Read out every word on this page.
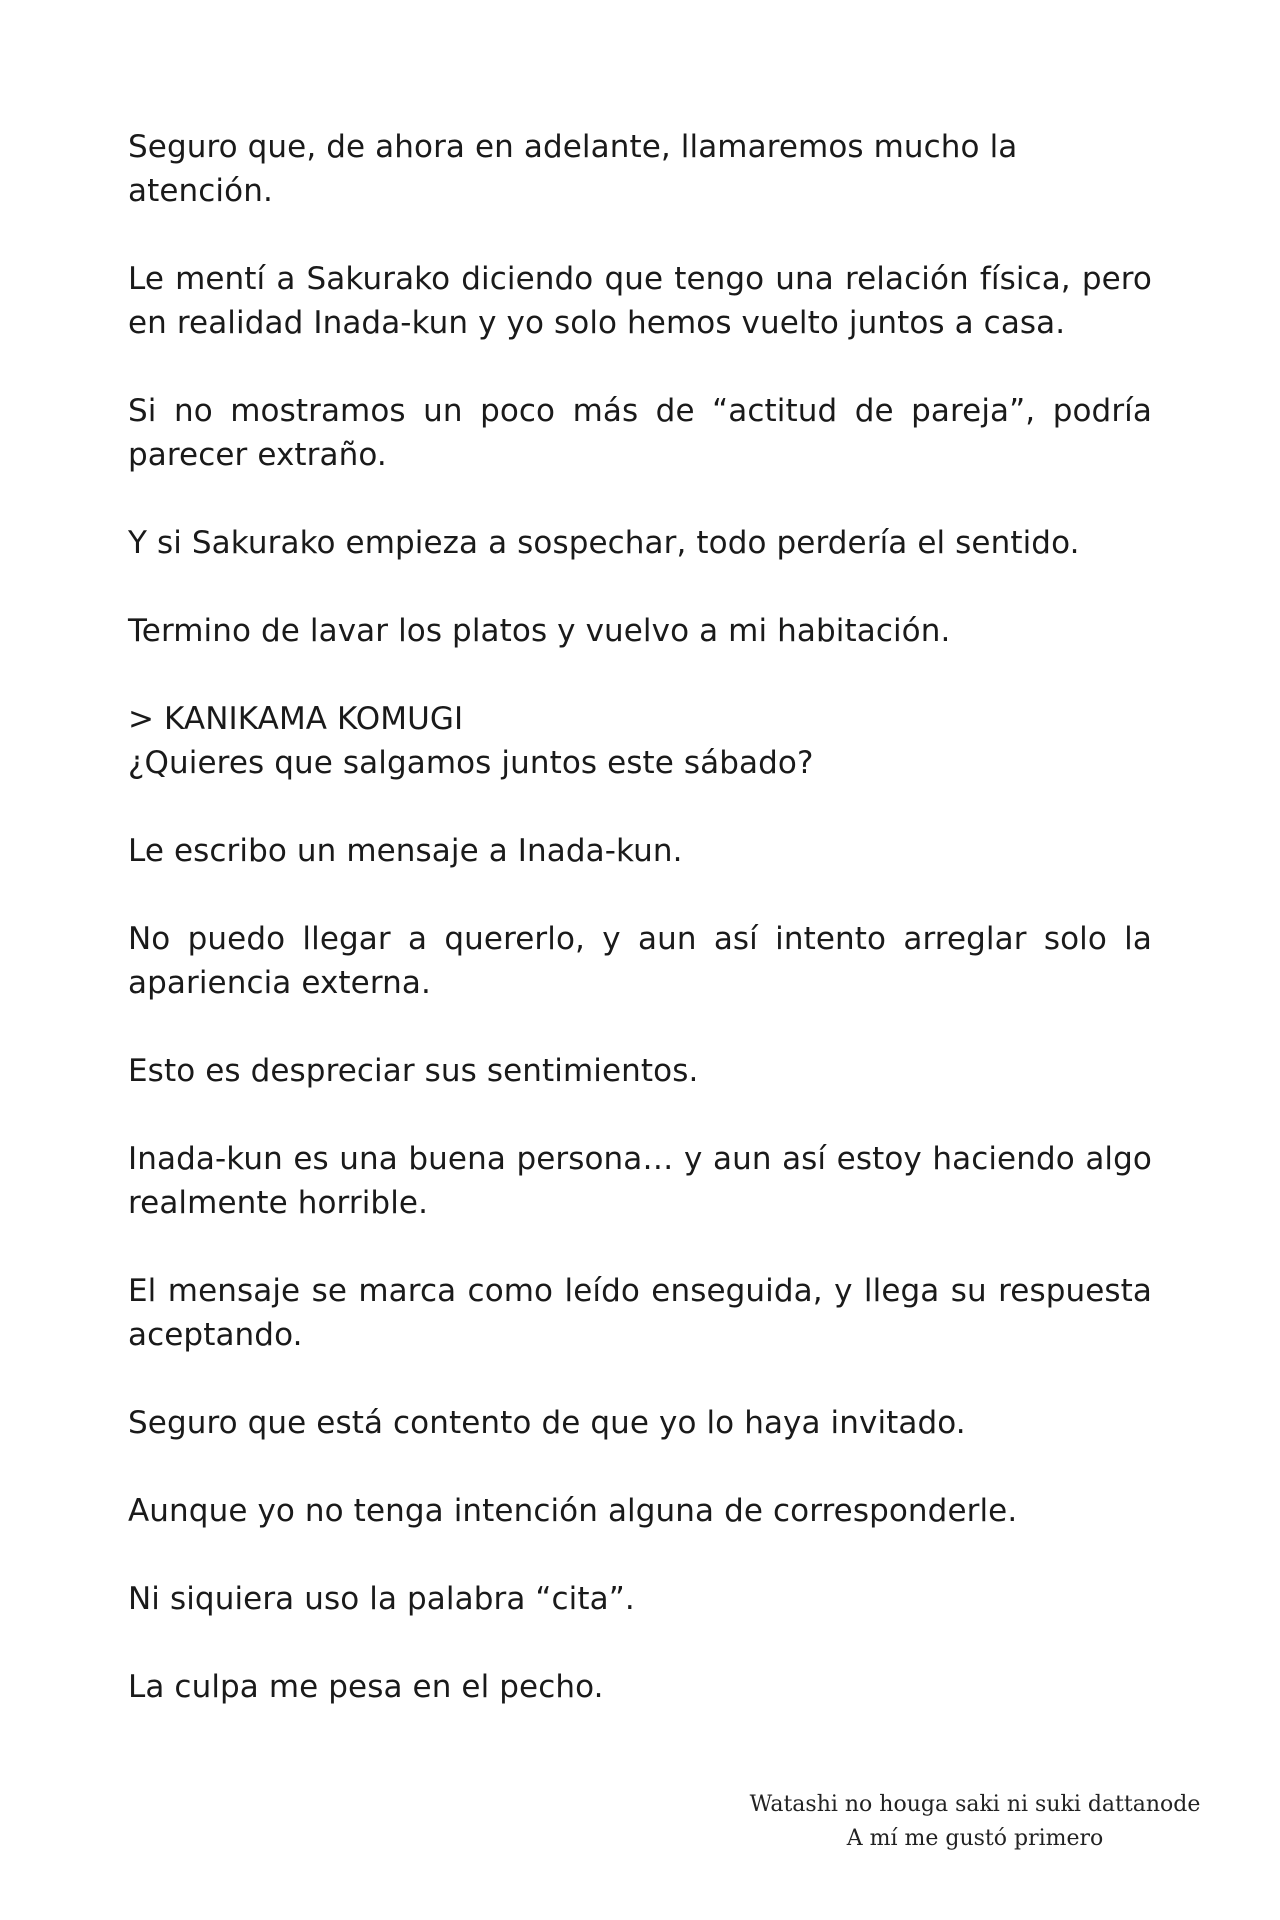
Seguro que, de ahora en adelante, llamaremos mucho la atención.

Le mentí a Sakurako diciendo que tengo una relación física, pero en realidad Inada-kun y yo solo hemos vuelto juntos a casa.

Si no mostramos un poco más de “actitud de pareja”, podría parecer extraño.

Y si Sakurako empieza a sospechar, todo perdería el sentido.

Termino de lavar los platos y vuelvo a mi habitación.

> KANIKAMA KOMUGI
¿Quieres que salgamos juntos este sábado?

Le escribo un mensaje a Inada-kun.

No puedo llegar a quererlo, y aun así intento arreglar solo la apariencia externa.

Esto es despreciar sus sentimientos.

Inada-kun es una buena persona… y aun así estoy haciendo algo realmente horrible.

El mensaje se marca como leído enseguida, y llega su respuesta aceptando.

Seguro que está contento de que yo lo haya invitado.

Aunque yo no tenga intención alguna de corresponderle.

Ni siquiera uso la palabra “cita”.

La culpa me pesa en el pecho.

Watashi no houga saki ni suki dattanode
A mí me gustó primero
